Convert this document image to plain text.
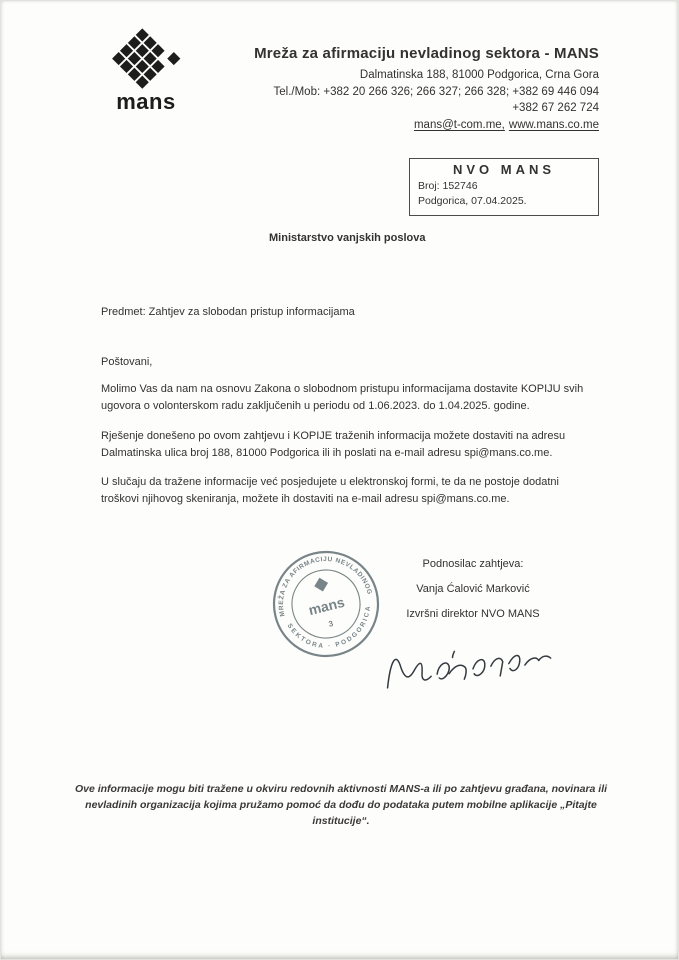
mans
Mreža za afirmaciju nevladinog sektora - MANS
Dalmatinska 188, 81000 Podgorica, Crna Gora
Tel./Mob: +382 20 266 326; 266 327; 266 328; +382 69 446 094
+382 67 262 724
mans@t-com.me, www.mans.co.me
NVO MANS
Broj: 152746
Podgorica, 07.04.2025.
Ministarstvo vanjskih poslova
Predmet: Zahtjev za slobodan pristup informacijama
Poštovani,

Molimo Vas da nam na osnovu Zakona o slobodnom pristupu informacijama dostavite KOPIJU svih ugovora o volonterskom radu zaključenih u periodu od 1.06.2023. do 1.04.2025. godine.

Rješenje donešeno po ovom zahtjevu i KOPIJE traženih informacija možete dostaviti na adresu Dalmatinska ulica broj 188, 81000 Podgorica ili ih poslati na e-mail adresu spi@mans.co.me.

U slučaju da tražene informacije već posjedujete u elektronskoj formi, te da ne postoje dodatni troškovi njihovog skeniranja, možete ih dostaviti na e-mail adresu spi@mans.co.me.

Podnosilac zahtjeva:
Vanja Ćalović Marković
Izvršni direktor NVO MANS
MREŽA ZA AFIRMACIJU NEVLADINOG
SEKTORA · PODGORICA
mans
3
Ove informacije mogu biti tražene u okviru redovnih aktivnosti MANS-a ili po zahtjevu građana, novinara ili nevladinih organizacija kojima pružamo pomoć da dođu do podataka putem mobilne aplikacije „Pitajte institucije“.
